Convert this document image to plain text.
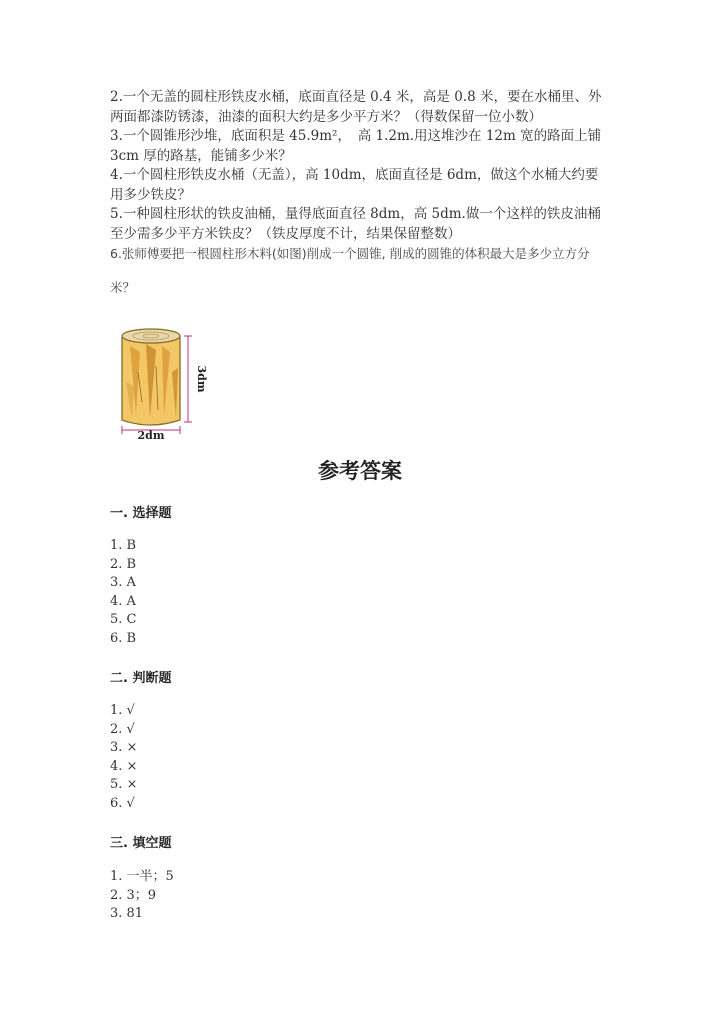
2.一个无盖的圆柱形铁皮水桶，底面直径是 0.4 米，高是 0.8 米，要在水桶里、外两面都漆防锈漆，油漆的面积大约是多少平方米？（得数保留一位小数）

3.一个圆锥形沙堆，底面积是 45.9m²，　高 1.2m.用这堆沙在 12m 宽的路面上铺 3cm 厚的路基，能铺多少米？

4.一个圆柱形铁皮水桶（无盖），高 10dm，底面直径是 6dm，做这个水桶大约要用多少铁皮？

5.一种圆柱形状的铁皮油桶，量得底面直径 8dm，高 5dm.做一个这样的铁皮油桶至少需多少平方米铁皮？（铁皮厚度不计，结果保留整数）

6.张师傅要把一根圆柱形木料(如图)削成一个圆锥, 削成的圆锥的体积最大是多少立方分

米？

3dm
2dm
参考答案
一. 选择题
1. B
2. B
3. A
4. A
5. C
6. B
二. 判断题
1. √
2. √
3. ×
4. ×
5. ×
6. √
三. 填空题
1. 一半；5
2. 3；9
3. 81
